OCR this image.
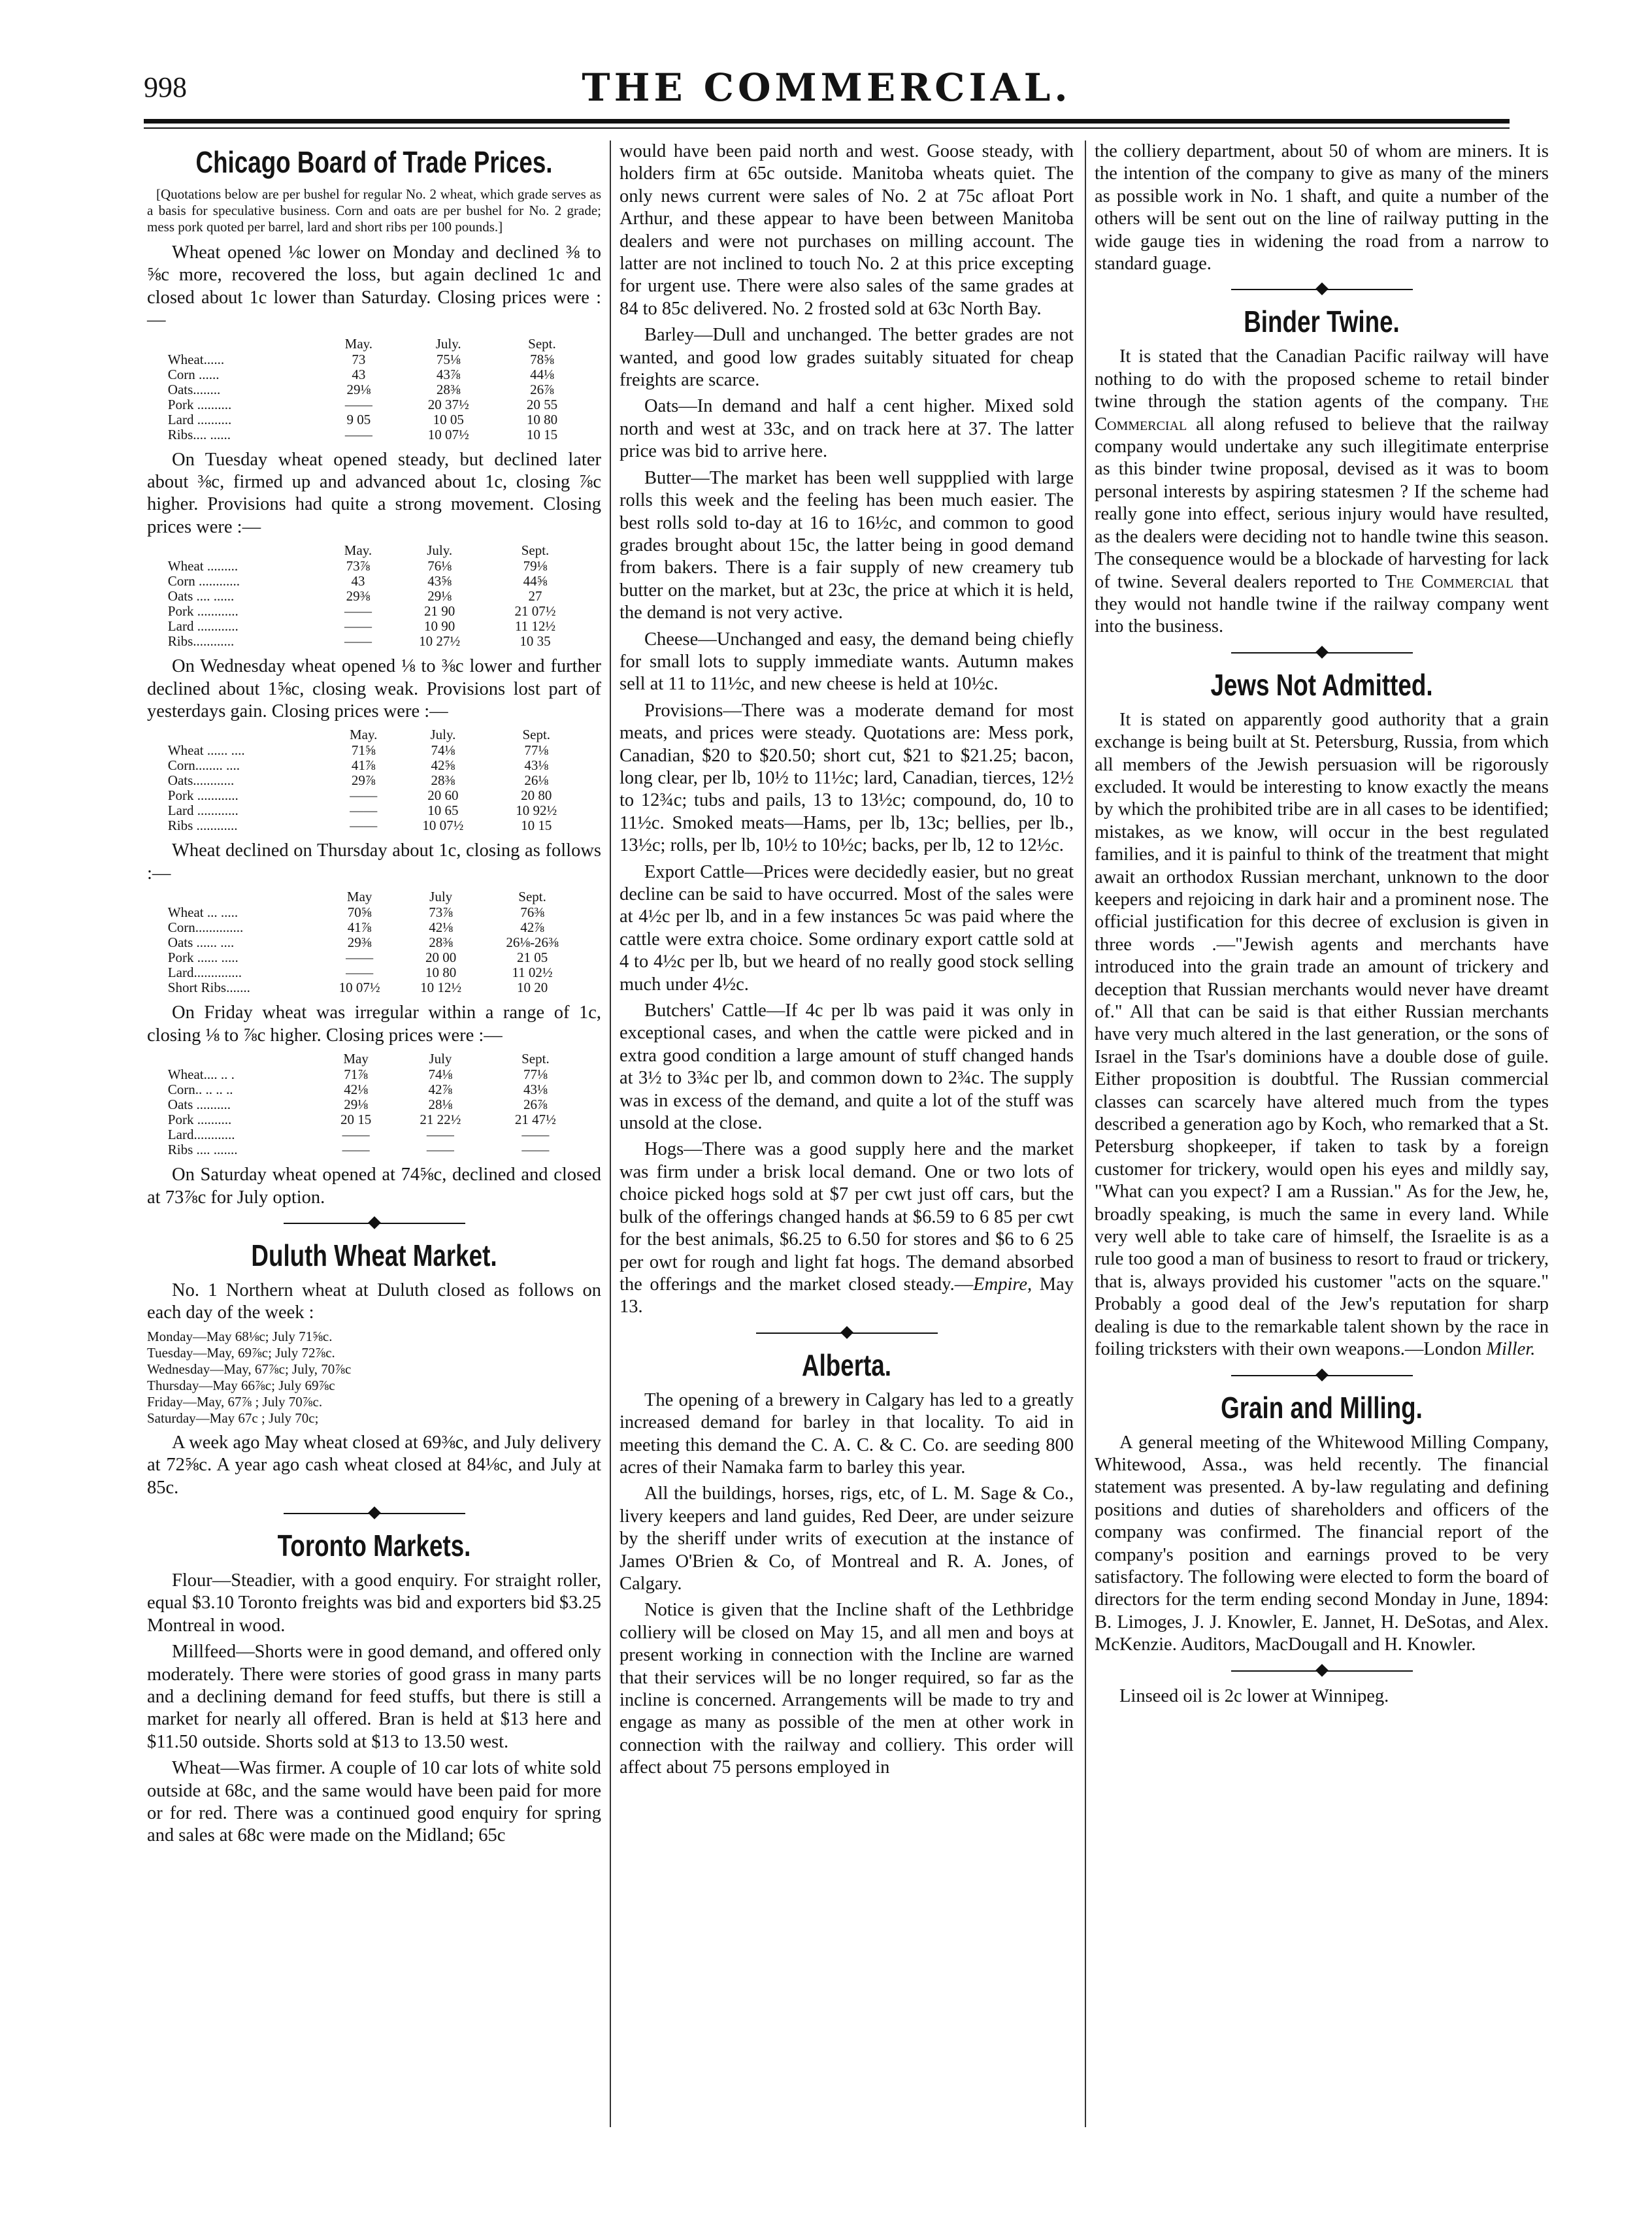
998	THE COMMERCIAL.
Chicago Board of Trade Prices.

[Quotations below are per bushel for regular No. 2 wheat, which grade serves as a basis for speculative business. Corn and oats are per bushel for No. 2 grade; mess pork quoted per barrel, lard and short ribs per 100 pounds.]

Wheat opened ⅛c lower on Monday and declined ⅜ to ⅝c more, recovered the loss, but again declined 1c and closed about 1c lower than Saturday. Closing prices were :—

	May.	July.	Sept.
Wheat......	73	75⅛	78⅝
Corn ......	43	43⅞	44⅛
Oats........	29⅛	28⅜	26⅞
Pork ..........	——	20 37½	20 55
Lard ..........	9 05	10 05	10 80
Ribs.... ......	——	10 07½	10 15

On Tuesday wheat opened steady, but declined later about ⅜c, firmed up and advanced about 1c, closing ⅞c higher. Provisions had quite a strong movement. Closing prices were :—

	May.	July.	Sept.
Wheat .........	73⅞	76⅛	79⅛
Corn ............	43	43⅝	44⅝
Oats .... ......	29⅜	29⅛	27
Pork ............	——	21 90	21 07½
Lard ............	——	10 90	11 12½
Ribs............	——	10 27½	10 35

On Wednesday wheat opened ⅛ to ⅜c lower and further declined about 1⅝c, closing weak. Provisions lost part of yesterdays gain. Closing prices were :—

	May.	July.	Sept.
Wheat ...... ....	71⅝	74⅛	77⅛
Corn........ ....	41⅞	42⅝	43⅛
Oats............	29⅞	28⅜	26⅛
Pork ............	——	20 60	20 80
Lard ............	——	10 65	10 92½
Ribs ............	——	10 07½	10 15

Wheat declined on Thursday about 1c, closing as follows :—

	May	July	Sept.
Wheat ... .....	70⅝	73⅞	76⅜
Corn..............	41⅞	42⅛	42⅞
Oats ...... ....	29⅜	28⅜	26⅛-26⅜
Pork ...... .....	——	20 00	21 05
Lard..............	——	10 80	11 02½
Short Ribs.......	10 07½	10 12½	10 20

On Friday wheat was irregular within a range of 1c, closing ⅛ to ⅞c higher. Closing prices were :—

	May	July	Sept.
Wheat.... .. .	71⅞	74⅛	77⅛
Corn.. .. .. ..	42⅛	42⅞	43⅛
Oats ..........	29⅛	28⅛	26⅞
Pork ..........	20 15	21 22½	21 47½
Lard............	——	——	——
Ribs .... .......	——	——	——

On Saturday wheat opened at 74⅝c, declined and closed at 73⅞c for July option.

Duluth Wheat Market.

No. 1 Northern wheat at Duluth closed as follows on each day of the week :

Monday—May 68⅛c; July 71⅝c.

Tuesday—May, 69⅞c; July 72⅞c.

Wednesday—May, 67⅞c; July, 70⅞c

Thursday—May 66⅞c; July 69⅞c

Friday—May, 67⅞ ; July 70⅞c.

Saturday—May 67c ; July 70c;

A week ago May wheat closed at 69⅜c, and July delivery at 72⅝c. A year ago cash wheat closed at 84⅛c, and July at 85c.

Toronto Markets.

Flour—Steadier, with a good enquiry. For straight roller, equal $3.10 Toronto freights was bid and exporters bid $3.25 Montreal in wood.

Millfeed—Shorts were in good demand, and offered only moderately. There were stories of good grass in many parts and a declining demand for feed stuffs, but there is still a market for nearly all offered. Bran is held at $13 here and $11.50 outside. Shorts sold at $13 to 13.50 west.

Wheat—Was firmer. A couple of 10 car lots of white sold outside at 68c, and the same would have been paid for more or for red. There was a continued good enquiry for spring and sales at 68c were made on the Midland; 65c

would have been paid north and west. Goose steady, with holders firm at 65c outside. Manitoba wheats quiet. The only news current were sales of No. 2 at 75c afloat Port Arthur, and these appear to have been between Manitoba dealers and were not purchases on milling account. The latter are not inclined to touch No. 2 at this price excepting for urgent use. There were also sales of the same grades at 84 to 85c delivered. No. 2 frosted sold at 63c North Bay.

Barley—Dull and unchanged. The better grades are not wanted, and good low grades suitably situated for cheap freights are scarce.

Oats—In demand and half a cent higher. Mixed sold north and west at 33c, and on track here at 37. The latter price was bid to arrive here.

Butter—The market has been well suppplied with large rolls this week and the feeling has been much easier. The best rolls sold to-day at 16 to 16½c, and common to good grades brought about 15c, the latter being in good demand from bakers. There is a fair supply of new creamery tub butter on the market, but at 23c, the price at which it is held, the demand is not very active.

Cheese—Unchanged and easy, the demand being chiefly for small lots to supply immediate wants. Autumn makes sell at 11 to 11½c, and new cheese is held at 10½c.

Provisions—There was a moderate demand for most meats, and prices were steady. Quotations are: Mess pork, Canadian, $20 to $20.50; short cut, $21 to $21.25; bacon, long clear, per lb, 10½ to 11½c; lard, Canadian, tierces, 12½ to 12¾c; tubs and pails, 13 to 13½c; compound, do, 10 to 11½c. Smoked meats—Hams, per lb, 13c; bellies, per lb., 13½c; rolls, per lb, 10½ to 10½c; backs, per lb, 12 to 12½c.

Export Cattle—Prices were decidedly easier, but no great decline can be said to have occurred. Most of the sales were at 4½c per lb, and in a few instances 5c was paid where the cattle were extra choice. Some ordinary export cattle sold at 4 to 4½c per lb, but we heard of no really good stock selling much under 4½c.

Butchers' Cattle—If 4c per lb was paid it was only in exceptional cases, and when the cattle were picked and in extra good condition a large amount of stuff changed hands at 3½ to 3¾c per lb, and common down to 2¾c. The supply was in excess of the demand, and quite a lot of the stuff was unsold at the close.

Hogs—There was a good supply here and the market was firm under a brisk local demand. One or two lots of choice picked hogs sold at $7 per cwt just off cars, but the bulk of the offerings changed hands at $6.59 to 6 85 per cwt for the best animals, $6.25 to 6.50 for stores and $6 to 6 25 per owt for rough and light fat hogs. The demand absorbed the offerings and the market closed steady.—Empire, May 13.

Alberta.

The opening of a brewery in Calgary has led to a greatly increased demand for barley in that locality. To aid in meeting this demand the C. A. C. & C. Co. are seeding 800 acres of their Namaka farm to barley this year.

All the buildings, horses, rigs, etc, of L. M. Sage & Co., livery keepers and land guides, Red Deer, are under seizure by the sheriff under writs of execution at the instance of James O'Brien & Co, of Montreal and R. A. Jones, of Calgary.

Notice is given that the Incline shaft of the Lethbridge colliery will be closed on May 15, and all men and boys at present working in connection with the Incline are warned that their services will be no longer required, so far as the incline is concerned. Arrangements will be made to try and engage as many as possible of the men at other work in connection with the railway and colliery. This order will affect about 75 persons employed in

the colliery department, about 50 of whom are miners. It is the intention of the company to give as many of the miners as possible work in No. 1 shaft, and quite a number of the others will be sent out on the line of railway putting in the wide gauge ties in widening the road from a narrow to standard guage.

Binder Twine.

It is stated that the Canadian Pacific railway will have nothing to do with the proposed scheme to retail binder twine through the station agents of the company. The Commercial all along refused to believe that the railway company would undertake any such illegitimate enterprise as this binder twine proposal, devised as it was to boom personal interests by aspiring statesmen ? If the scheme had really gone into effect, serious injury would have resulted, as the dealers were deciding not to handle twine this season. The consequence would be a blockade of harvesting for lack of twine. Several dealers reported to The Commercial that they would not handle twine if the railway company went into the business.

Jews Not Admitted.

It is stated on apparently good authority that a grain exchange is being built at St. Petersburg, Russia, from which all members of the Jewish persuasion will be rigorously excluded. It would be interesting to know exactly the means by which the prohibited tribe are in all cases to be identified; mistakes, as we know, will occur in the best regulated families, and it is painful to think of the treatment that might await an orthodox Russian merchant, unknown to the door keepers and rejoicing in dark hair and a prominent nose. The official justification for this decree of exclusion is given in three words .—"Jewish agents and merchants have introduced into the grain trade an amount of trickery and deception that Russian merchants would never have dreamt of." All that can be said is that either Russian merchants have very much altered in the last generation, or the sons of Israel in the Tsar's dominions have a double dose of guile. Either proposition is doubtful. The Russian commercial classes can scarcely have altered much from the types described a generation ago by Koch, who remarked that a St. Petersburg shopkeeper, if taken to task by a foreign customer for trickery, would open his eyes and mildly say, "What can you expect? I am a Russian." As for the Jew, he, broadly speaking, is much the same in every land. While very well able to take care of himself, the Israelite is as a rule too good a man of business to resort to fraud or trickery, that is, always provided his customer "acts on the square." Probably a good deal of the Jew's reputation for sharp dealing is due to the remarkable talent shown by the race in foiling tricksters with their own weapons.—London Miller.

Grain and Milling.

A general meeting of the Whitewood Milling Company, Whitewood, Assa., was held recently. The financial statement was presented. A by-law regulating and defining positions and duties of shareholders and officers of the company was confirmed. The financial report of the company's position and earnings proved to be very satisfactory. The following were elected to form the board of directors for the term ending second Monday in June, 1894: B. Limoges, J. J. Knowler, E. Jannet, H. DeSotas, and Alex. McKenzie. Auditors, MacDougall and H. Knowler.

Linseed oil is 2c lower at Winnipeg.
